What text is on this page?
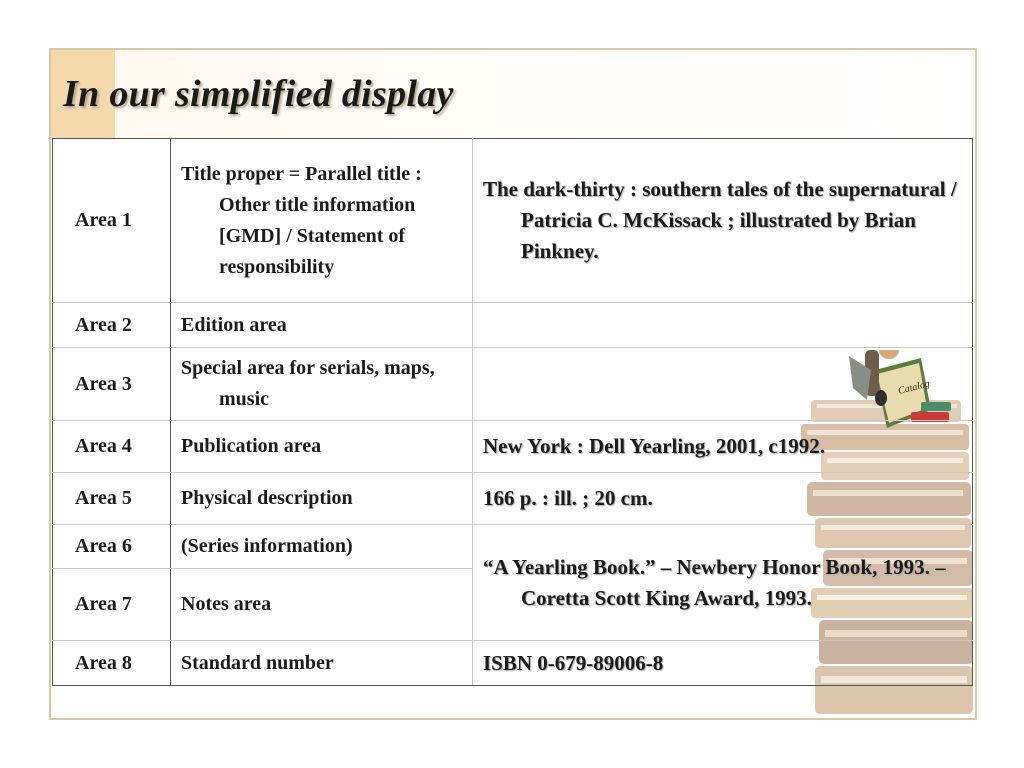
In our simplified display
Catalog
Area 1	Title proper = Parallel title : Other title information [GMD] / Statement of responsibility	The dark-thirty : southern tales of the supernatural / Patricia C. McKissack ; illustrated by Brian Pinkney.

Area 2	Edition area	

Area 3	Special area for serials, maps, music	

Area 4	Publication area	New York : Dell Yearling, 2001, c1992.

Area 5	Physical description	166 p. : ill. ; 20 cm.

Area 6	(Series information)	“A Yearling Book.” – Newbery Honor Book, 1993. – Coretta Scott King Award, 1993.

Area 7	Notes area	

Area 8	Standard number	ISBN 0-679-89006-8
